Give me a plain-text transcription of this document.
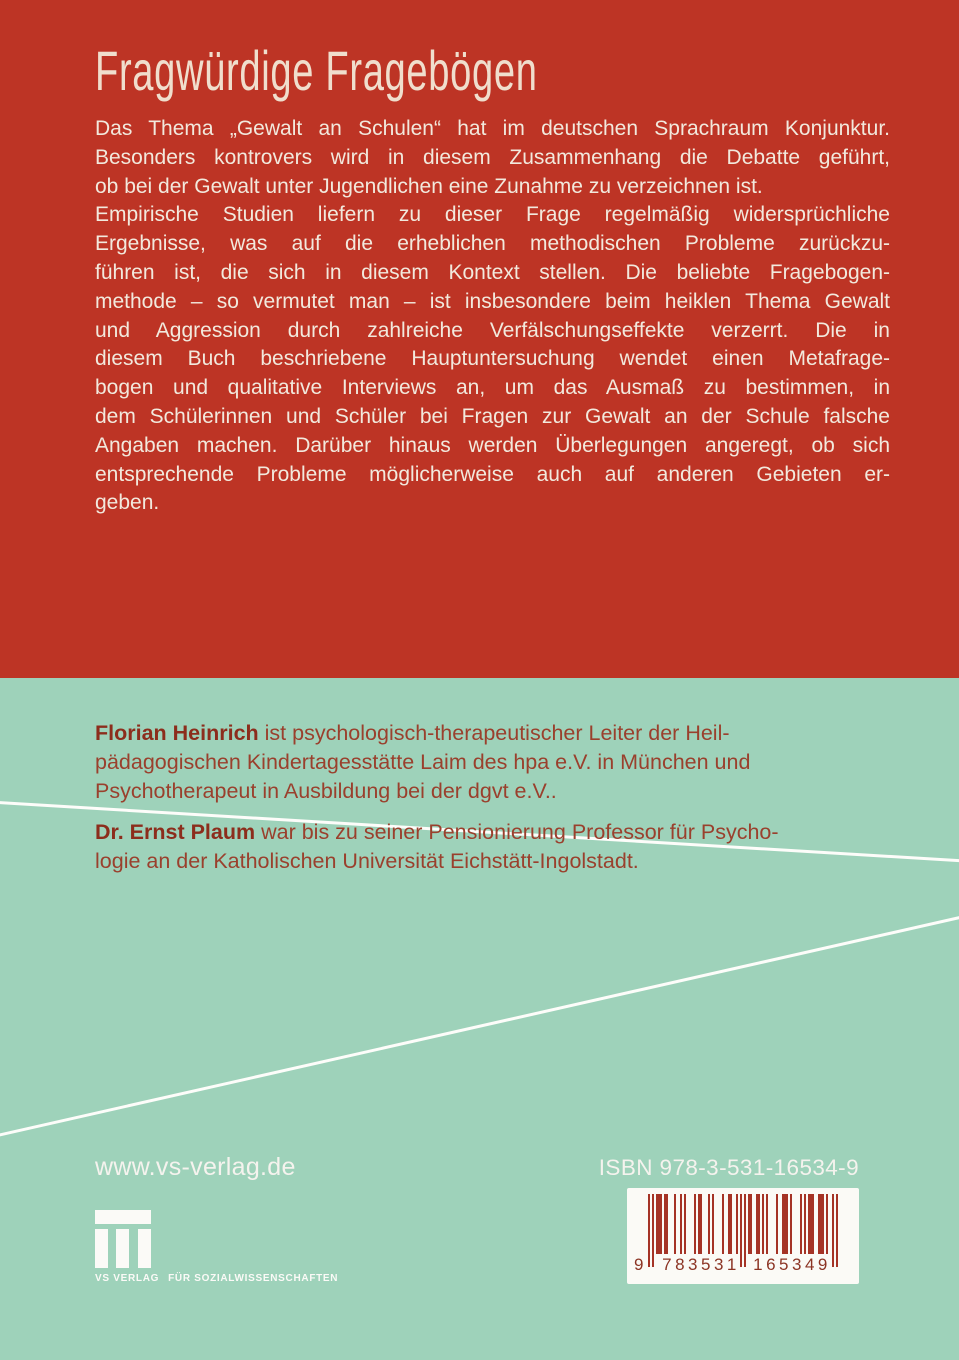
Fragwürdige Fragebögen
Das Thema „Gewalt an Schulen“ hat im deutschen Sprachraum Konjunktur.
Besonders kontrovers wird in diesem Zusammenhang die Debatte geführt,
ob bei der Gewalt unter Jugendlichen eine Zunahme zu verzeichnen ist.
Empirische Studien liefern zu dieser Frage regelmäßig widersprüchliche
Ergebnisse, was auf die erheblichen methodischen Probleme zurückzu-
führen ist, die sich in diesem Kontext stellen. Die beliebte Fragebogen-
methode – so vermutet man – ist insbesondere beim heiklen Thema Gewalt
und Aggression durch zahlreiche Verfälschungseffekte verzerrt. Die in
diesem Buch beschriebene Hauptuntersuchung wendet einen Metafrage-
bogen und qualitative Interviews an, um das Ausmaß zu bestimmen, in
dem Schülerinnen und Schüler bei Fragen zur Gewalt an der Schule falsche
Angaben machen. Darüber hinaus werden Überlegungen angeregt, ob sich
entsprechende Probleme möglicherweise auch auf anderen Gebieten er-
geben.
Florian Heinrich ist psychologisch-therapeutischer Leiter der Heil-
pädagogischen Kindertagesstätte Laim des hpa e.V. in München und
Psychotherapeut in Ausbildung bei der dgvt e.V..
Dr. Ernst Plaum war bis zu seiner Pensionierung Professor für Psycho-
logie an der Katholischen Universität Eichstätt-Ingolstadt.
www.vs-verlag.de
VS VERLAG FÜR SOZIALWISSENSCHAFTEN
ISBN 978-3-531-16534-9
9	783531 165349
